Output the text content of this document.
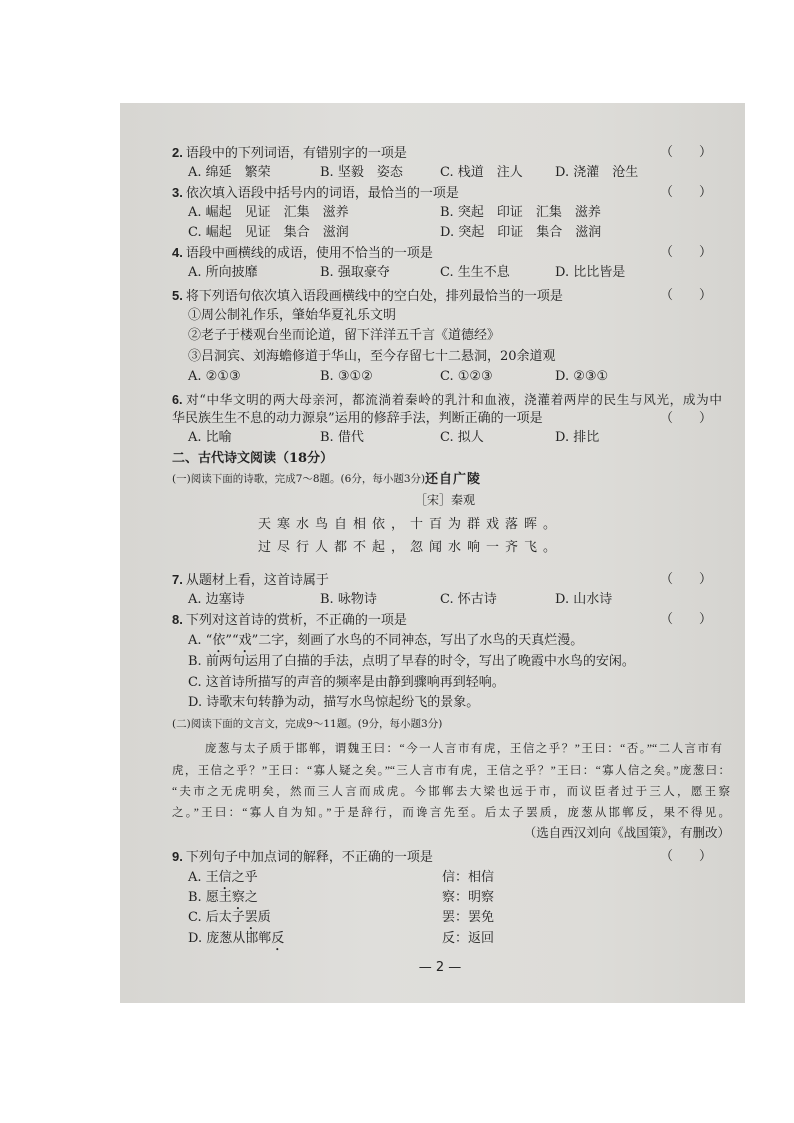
2. 语段中的下列词语，有错别字的一项是	（　　）
A. 绵延　繁荣	B. 坚毅　姿态	C. 栈道　注人 D. 浇灌　沧生
3. 依次填入语段中括号内的词语，最恰当的一项是	（　　）
A. 崛起　见证　汇集　滋养	B. 突起　印证　汇集　滋养
C. 崛起　见证　集合　滋润	D. 突起　印证　集合　滋润
4. 语段中画横线的成语，使用不恰当的一项是	（　　）
A. 所向披靡	B. 强取豪夺	C. 生生不息	D. 比比皆是
5. 将下列语句依次填入语段画横线中的空白处，排列最恰当的一项是	（　　）
①周公制礼作乐，肇始华夏礼乐文明
②老子于楼观台坐而论道，留下洋洋五千言《道德经》
③吕洞宾、刘海蟾修道于华山，至今存留七十二悬洞，20余道观
A. ②①③	B. ③①②	C. ①②③	D. ②③①
6. 对“中华文明的两大母亲河，都流淌着秦岭的乳汁和血液，浇灌着两岸的民生与风光，成为中
华民族生生不息的动力源泉”运用的修辞手法，判断正确的一项是	（　　）
A. 比喻	B. 借代	C. 拟人	D. 排比
二、古代诗文阅读（18分）
(一)阅读下面的诗歌，完成7～8题。(6分，每小题3分) 还自广陵
［宋］秦观
天寒水鸟自相依，十百为群戏落晖。
过尽行人都不起，忽闻水响一齐飞。
7. 从题材上看，这首诗属于	（　　）
A. 边塞诗	B. 咏物诗	C. 怀古诗	D. 山水诗
8. 下列对这首诗的赏析，不正确的一项是	（　　）
A. “依”“戏”二字，刻画了水鸟的不同神态，写出了水鸟的天真烂漫。
B. 前两句运用了白描的手法，点明了早春的时令，写出了晚霞中水鸟的安闲。
C. 这首诗所描写的声音的频率是由静到骤响再到轻响。
D. 诗歌末句转静为动，描写水鸟惊起纷飞的景象。
(二)阅读下面的文言文，完成9～11题。(9分，每小题3分)
庞葱与太子质于邯郸，谓魏王曰：“今一人言市有虎，王信之乎？”王曰：“否。”“二人言市有
虎，王信之乎？”王曰：“寡人疑之矣。”“三人言市有虎，王信之乎？”王曰：“寡人信之矣。”庞葱曰：
“夫市之无虎明矣，然而三人言而成虎。今邯郸去大梁也远于市，而议臣者过于三人，愿王察
之。”王曰：“寡人自为知。”于是辞行，而谗言先至。后太子罢质，庞葱从邯郸反，果不得见。
（选自西汉刘向《战国策》，有删改）
9. 下列句子中加点词的解释，不正确的一项是	（　　）
A. 王信之乎	信：相信
B. 愿王察之	察：明察
C. 后太子罢质	罢：罢免
D. 庞葱从邯郸反	反：返回
— 2 —
